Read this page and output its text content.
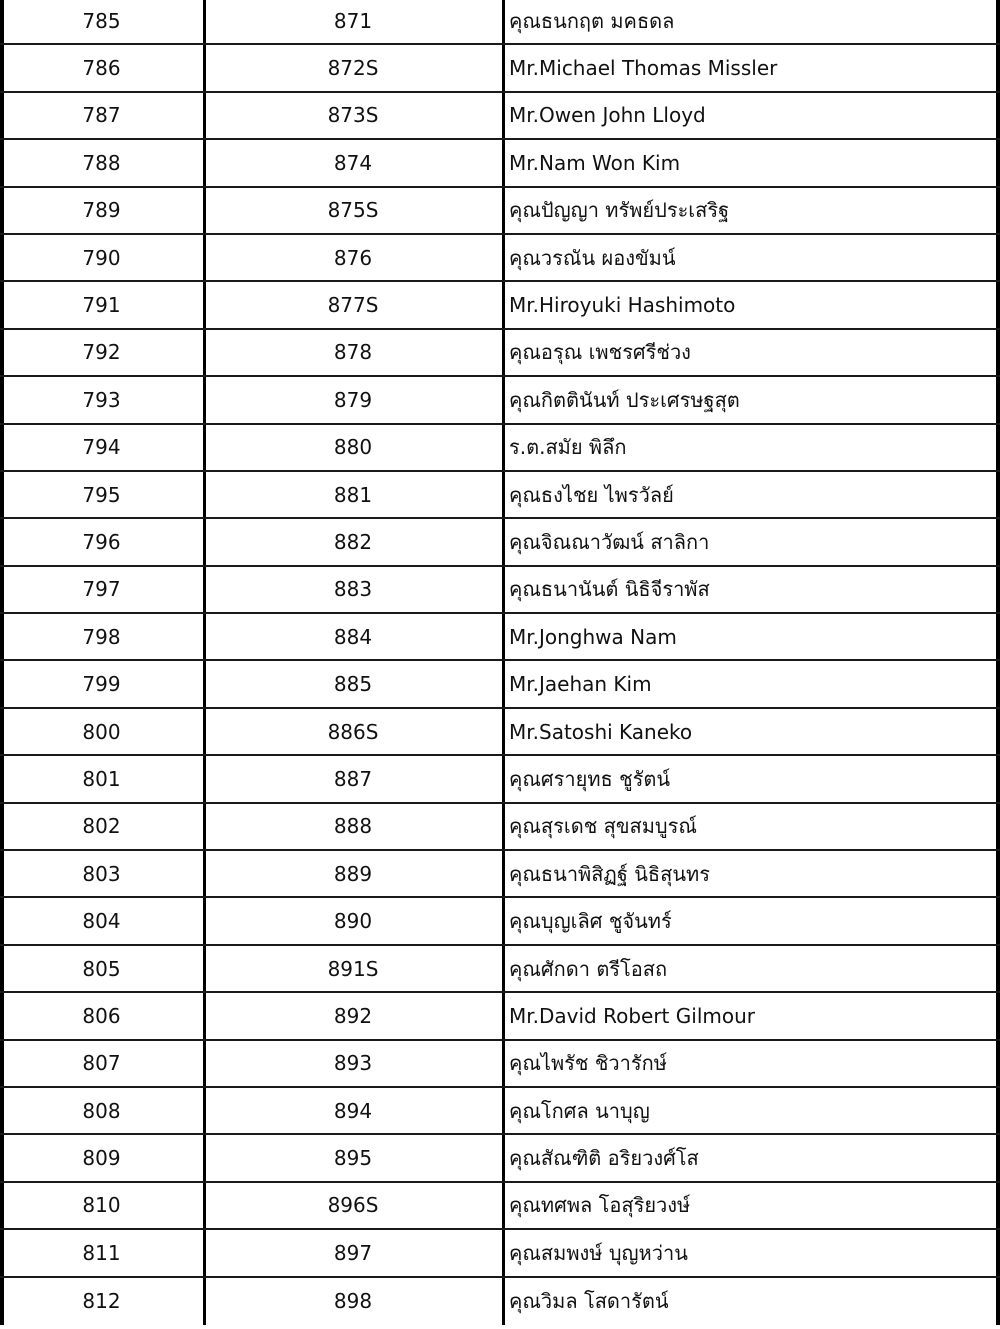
785	871	คุณธนกฤต มคธดล
786	872S	Mr.Michael Thomas Missler
787	873S	Mr.Owen John Lloyd
788	874	Mr.Nam Won Kim
789	875S	คุณปัญญา ทรัพย์ประเสริฐ
790	876	คุณวรณัน ผองขัมน์
791	877S	Mr.Hiroyuki Hashimoto
792	878	คุณอรุณ เพชรศรีช่วง
793	879	คุณกิตตินันท์ ประเศรษฐสุต
794	880	ร.ต.สมัย พิลึก
795	881	คุณธงไชย ไพรวัลย์
796	882	คุณจิณณาวัฒน์ สาลิกา
797	883	คุณธนานันต์ นิธิจีราพัส
798	884	Mr.Jonghwa Nam
799	885	Mr.Jaehan Kim
800	886S	Mr.Satoshi Kaneko
801	887	คุณศรายุทธ ชูรัตน์
802	888	คุณสุรเดช สุขสมบูรณ์
803	889	คุณธนาพิสิฏฐ์ นิธิสุนทร
804	890	คุณบุญเลิศ ชูจันทร์
805	891S	คุณศักดา ตรีโอสถ
806	892	Mr.David Robert Gilmour
807	893	คุณไพรัช ชิวารักษ์
808	894	คุณโกศล นาบุญ
809	895	คุณสัณฑิติ อริยวงศ์โส
810	896S	คุณทศพล โอสุริยวงษ์
811	897	คุณสมพงษ์ บุญหว่าน
812	898	คุณวิมล โสดารัตน์
